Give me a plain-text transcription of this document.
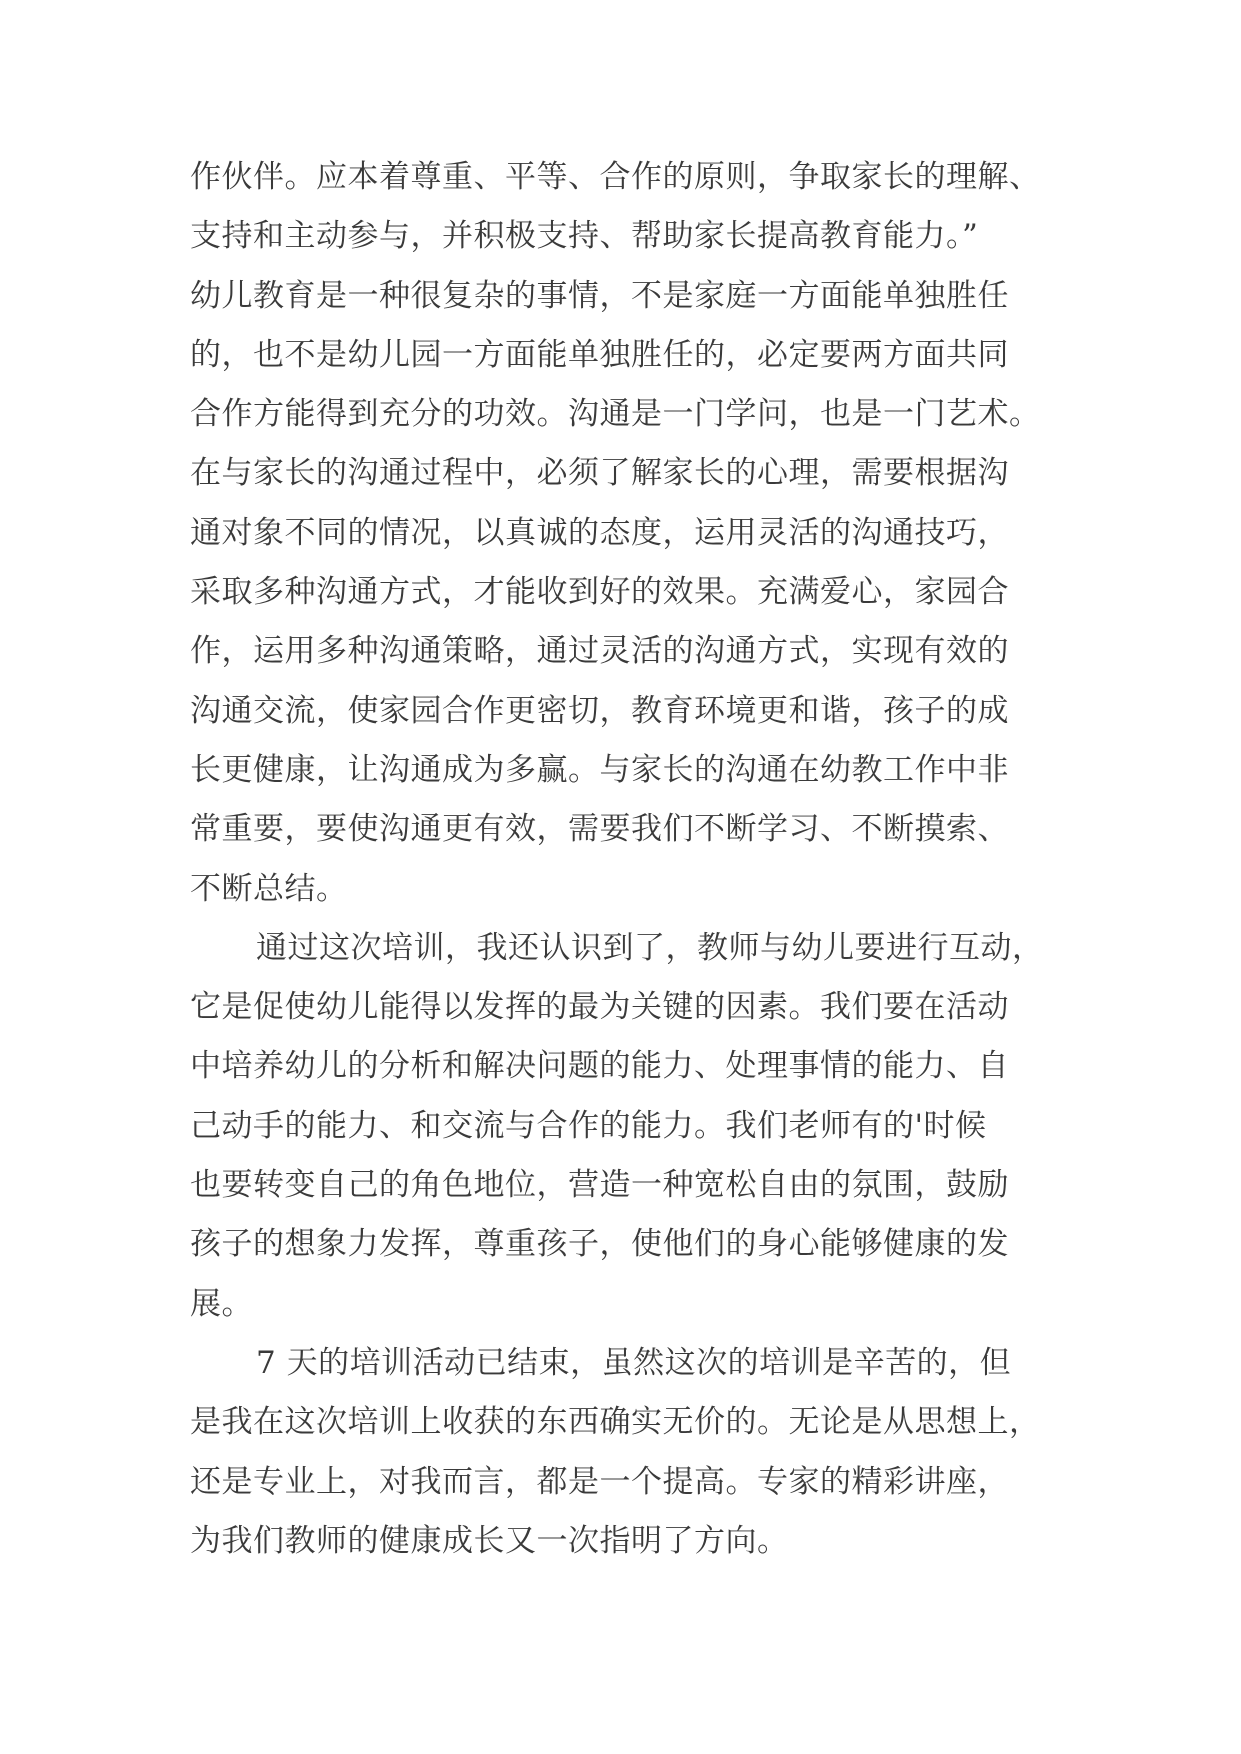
作伙伴。应本着尊重、平等、合作的原则，争取家长的理解、
支持和主动参与，并积极支持、帮助家长提高教育能力。”
幼儿教育是一种很复杂的事情，不是家庭一方面能单独胜任
的，也不是幼儿园一方面能单独胜任的，必定要两方面共同
合作方能得到充分的功效。沟通是一门学问，也是一门艺术。
在与家长的沟通过程中，必须了解家长的心理，需要根据沟
通对象不同的情况，以真诚的态度，运用灵活的沟通技巧，
采取多种沟通方式，才能收到好的效果。充满爱心，家园合
作，运用多种沟通策略，通过灵活的沟通方式，实现有效的
沟通交流，使家园合作更密切，教育环境更和谐，孩子的成
长更健康，让沟通成为多赢。与家长的沟通在幼教工作中非
常重要，要使沟通更有效，需要我们不断学习、不断摸索、
不断总结。
通过这次培训，我还认识到了，教师与幼儿要进行互动，
它是促使幼儿能得以发挥的最为关键的因素。我们要在活动
中培养幼儿的分析和解决问题的能力、处理事情的能力、自
己动手的能力、和交流与合作的能力。我们老师有的'时候
也要转变自己的角色地位，营造一种宽松自由的氛围，鼓励
孩子的想象力发挥，尊重孩子，使他们的身心能够健康的发
展。
7 天的培训活动已结束，虽然这次的培训是辛苦的，但
是我在这次培训上收获的东西确实无价的。无论是从思想上，
还是专业上，对我而言，都是一个提高。专家的精彩讲座，
为我们教师的健康成长又一次指明了方向。
